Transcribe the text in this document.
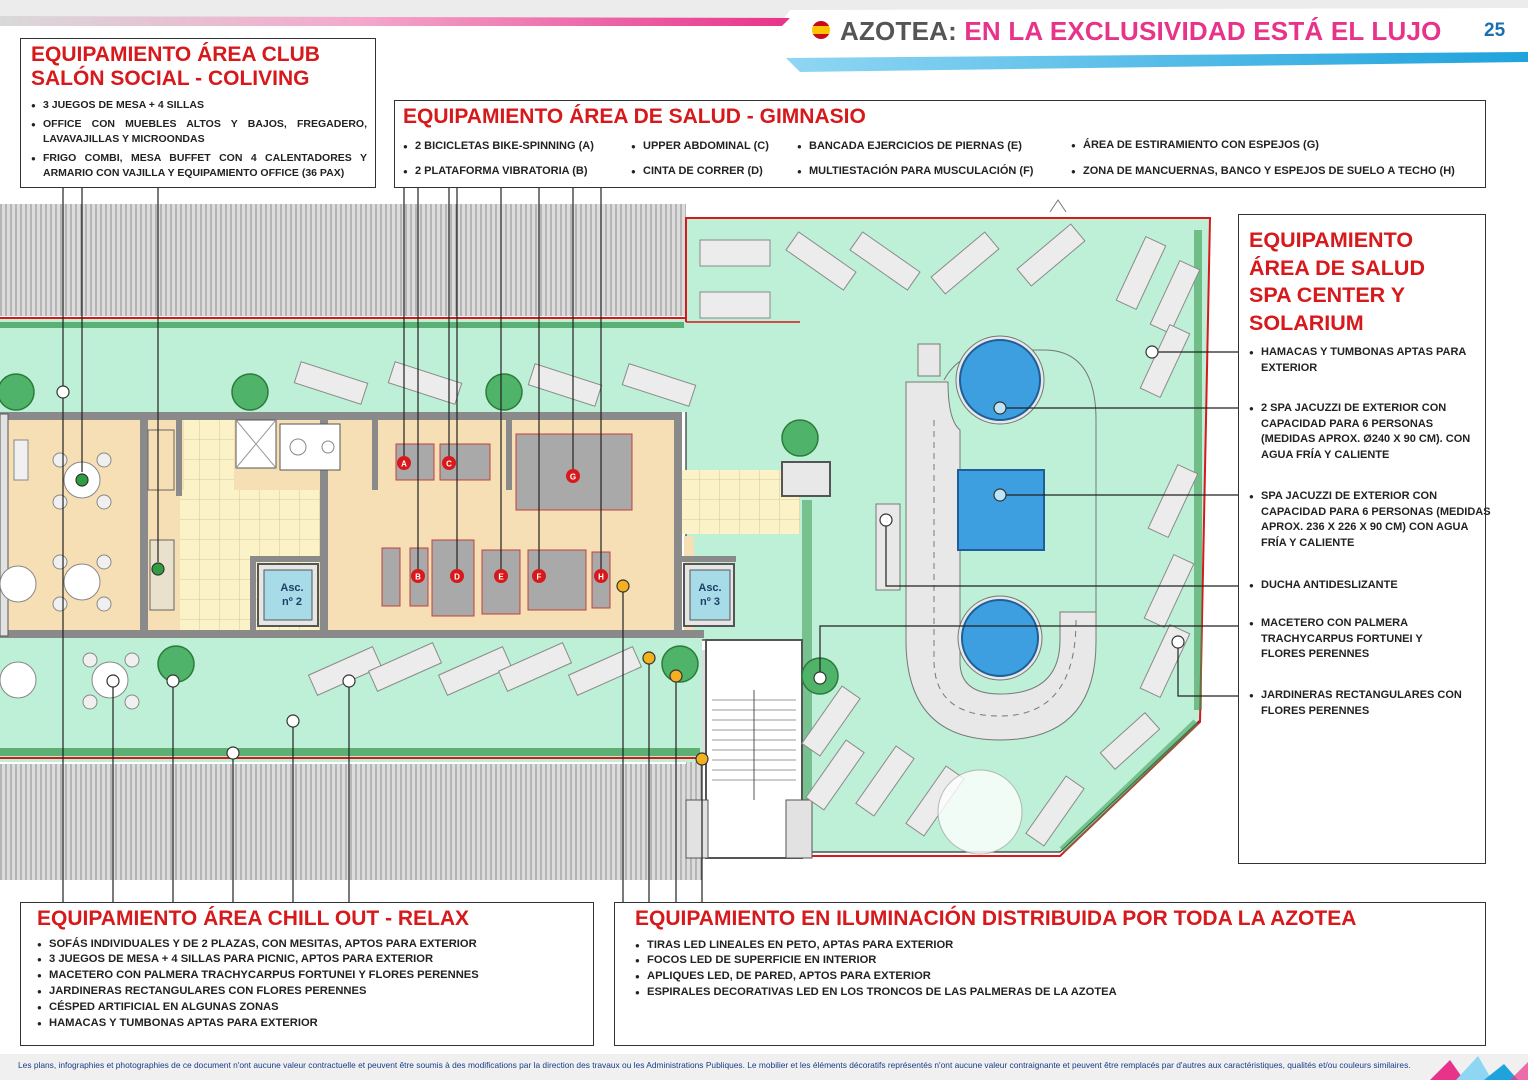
AZOTEA: EN LA EXCLUSIVIDAD ESTÁ EL LUJO 25
Asc.
nº 2
Asc.
nº 3
A	C
G
B	D	E	F	H
EQUIPAMIENTO ÁREA CLUB
SALÓN SOCIAL - COLIVING
● 3 JUEGOS DE MESA + 4 SILLAS
● OFFICE CON MUEBLES ALTOS Y BAJOS, FREGADERO, LAVAVAJILLAS Y MICROONDAS
● FRIGO COMBI, MESA BUFFET CON 4 CALENTADORES Y ARMARIO CON VAJILLA Y EQUIPAMIENTO OFFICE (36 PAX)
EQUIPAMIENTO ÁREA DE SALUD - GIMNASIO
● 2 BICICLETAS BIKE-SPINNING (A)	● UPPER ABDOMINAL (C)	● BANCADA EJERCICIOS DE PIERNAS (E)	● ÁREA DE ESTIRAMIENTO CON ESPEJOS (G)
● 2 PLATAFORMA VIBRATORIA (B)	● CINTA DE CORRER (D)	● MULTIESTACIÓN PARA MUSCULACIÓN (F)	● ZONA DE MANCUERNAS, BANCO Y ESPEJOS DE SUELO A TECHO (H)
EQUIPAMIENTO
ÁREA DE SALUD
SPA CENTER Y
SOLARIUM
● HAMACAS Y TUMBONAS APTAS PARA EXTERIOR
● 2 SPA JACUZZI DE EXTERIOR CON CAPACIDAD PARA 6 PERSONAS (MEDIDAS APROX. Ø240 X 90 CM). CON AGUA FRÍA Y CALIENTE
● SPA JACUZZI DE EXTERIOR CON CAPACIDAD PARA 6 PERSONAS (MEDIDAS APROX. 236 X 226 X 90 CM) CON AGUA FRÍA Y CALIENTE
● DUCHA ANTIDESLIZANTE
● MACETERO CON PALMERA TRACHYCARPUS FORTUNEI Y FLORES PERENNES
● JARDINERAS RECTANGULARES CON FLORES PERENNES
EQUIPAMIENTO ÁREA CHILL OUT - RELAX
● SOFÁS INDIVIDUALES Y DE 2 PLAZAS, CON MESITAS, APTOS PARA EXTERIOR
● 3 JUEGOS DE MESA + 4 SILLAS PARA PICNIC, APTOS PARA EXTERIOR
● MACETERO CON PALMERA TRACHYCARPUS FORTUNEI Y FLORES PERENNES
● JARDINERAS RECTANGULARES CON FLORES PERENNES
● CÉSPED ARTIFICIAL EN ALGUNAS ZONAS
● HAMACAS Y TUMBONAS APTAS PARA EXTERIOR
EQUIPAMIENTO EN ILUMINACIÓN DISTRIBUIDA POR TODA LA AZOTEA
● TIRAS LED LINEALES EN PETO, APTAS PARA EXTERIOR
● FOCOS LED DE SUPERFICIE EN INTERIOR
● APLIQUES LED, DE PARED, APTOS PARA EXTERIOR
● ESPIRALES DECORATIVAS LED EN LOS TRONCOS DE LAS PALMERAS DE LA AZOTEA
Les plans, infographies et photographies de ce document n'ont aucune valeur contractuelle et peuvent être soumis à des modifications par la direction des travaux ou les Administrations Publiques. Le mobilier et les éléments décoratifs représentés n'ont aucune valeur contraignante et peuvent être remplacés par d'autres aux caractéristiques, qualités et/ou couleurs similaires.
